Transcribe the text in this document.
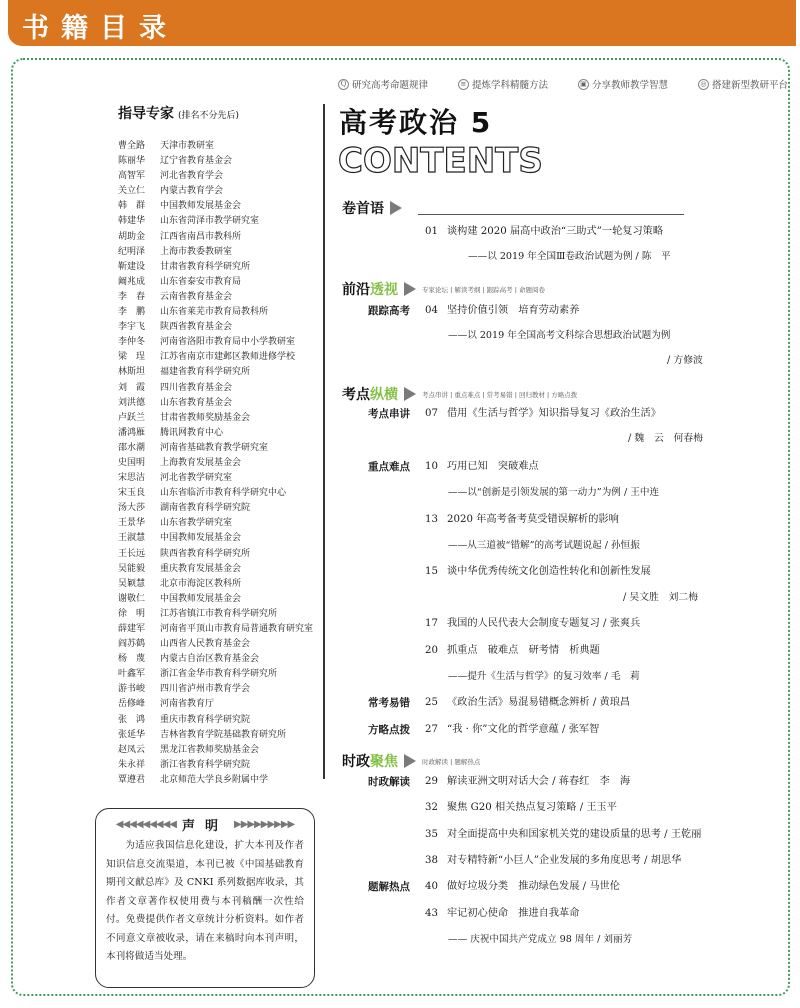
书籍目录
Q 研究高考命题规律	≡ 提炼学科精髓方法	▣ 分享教师教学智慧	◎ 搭建新型教研平台
指导专家 (排名不分先后)
曹全路	天津市教研室
陈丽华	辽宁省教育基金会
高智军	河北省教育学会
关立仁	内蒙古教育学会
韩　群	中国教师发展基金会
韩建华	山东省菏泽市教学研究室
胡助金	江西省南昌市教科所
纪明泽	上海市教委教研室
靳建设	甘肃省教育科学研究所
阚兆成	山东省泰安市教育局
李　春	云南省教育基金会
李　鹏	山东省莱芜市教育局教科所
李宇飞	陕西省教育基金会
李仲冬	河南省洛阳市教育局中小学教研室
梁　珵	江苏省南京市建邺区教师进修学校
林斯坦	福建省教育科学研究所
刘　霞	四川省教育基金会
刘洪德	山东省教育基金会
卢跃兰	甘肃省教师奖励基金会
潘鸿雁	腾讯网教育中心
邵水潮	河南省基础教育教学研究室
史国明	上海教育发展基金会
宋思洁	河北省教学研究室
宋玉良	山东省临沂市教育科学研究中心
汤大莎	湖南省教育科学研究院
王景华	山东省教学研究室
王淑慧	中国教师发展基金会
王长远	陕西省教育科学研究所
吴能毅	重庆教育发展基金会
吴颖慧	北京市海淀区教科所
谢敬仁	中国教师发展基金会
徐　明	江苏省镇江市教育科学研究所
薛建军	河南省平顶山市教育局普通教育研究室
阎苏鹤	山西省人民教育基金会
杨　蔑	内蒙古自治区教育基金会
叶鑫军	浙江省金华市教育科学研究所
游书峻	四川省泸州市教育学会
岳修峰	河南省教育厅
张　鸿	重庆市教育科学研究院
张延华	吉林省教育学院基础教育研究所
赵凤云	黑龙江省教师奖励基金会
朱永祥	浙江省教育科学研究院
覃遵君	北京师范大学良乡附属中学
◀◀◀◀◀◀◀◀◀ 声明 ▶▶▶▶▶▶▶▶▶
为适应我国信息化建设，扩大本刊及作者知识信息交流渠道，本刊已被《中国基础教育期刊文献总库》及 CNKI 系列数据库收录，其作者文章著作权使用费与本刊稿酬一次性给付。免费提供作者文章统计分析资料。如作者不同意文章被收录，请在来稿时向本刊声明，本刊将做适当处理。
高考政治 5
CONTENTS
卷首语
01 谈构建 2020 届高中政治“三助式”一轮复习策略
——以 2019 年全国Ⅲ卷政治试题为例 / 陈　平
前沿透视	专家论坛 | 解读考纲 | 跟踪高考 | 命题阅卷
跟踪高考 04 坚持价值引领　培育劳动素养
——以 2019 年全国高考文科综合思想政治试题为例
/ 方修波
考点纵横	考点串讲 | 重点难点 | 常考易错 | 回归教材 | 方略点拨
考点串讲 07 借用《生活与哲学》知识指导复习《政治生活》
/ 魏　云　何春梅
重点难点 10 巧用已知　突破难点
——以“创新是引领发展的第一动力”为例 / 王中连
13 2020 年高考备考莫受错误解析的影响
——从三道被“错解”的高考试题说起 / 孙恒振
15 谈中华优秀传统文化创造性转化和创新性发展
/ 吴文胜　刘二梅
17 我国的人民代表大会制度专题复习 / 张爽兵
20 抓重点　破难点　研考情　析典题
——提升《生活与哲学》的复习效率 / 毛　莉
常考易错 25 《政治生活》易混易错概念辨析 / 黄琅昌
方略点拨 27 “我 · 你”文化的哲学意蕴 / 张军智
时政聚焦	时政解读 | 题解热点
时政解读 29 解读亚洲文明对话大会 / 蒋春红　李　海
32 聚焦 G20 相关热点复习策略 / 王玉平
35 对全面提高中央和国家机关党的建设质量的思考 / 王乾丽
38 对专精特新“小巨人”企业发展的多角度思考 / 胡思华
题解热点 40 做好垃圾分类　推动绿色发展 / 马世伦
43 牢记初心使命　推进自我革命
—— 庆祝中国共产党成立 98 周年 / 刘丽芳
